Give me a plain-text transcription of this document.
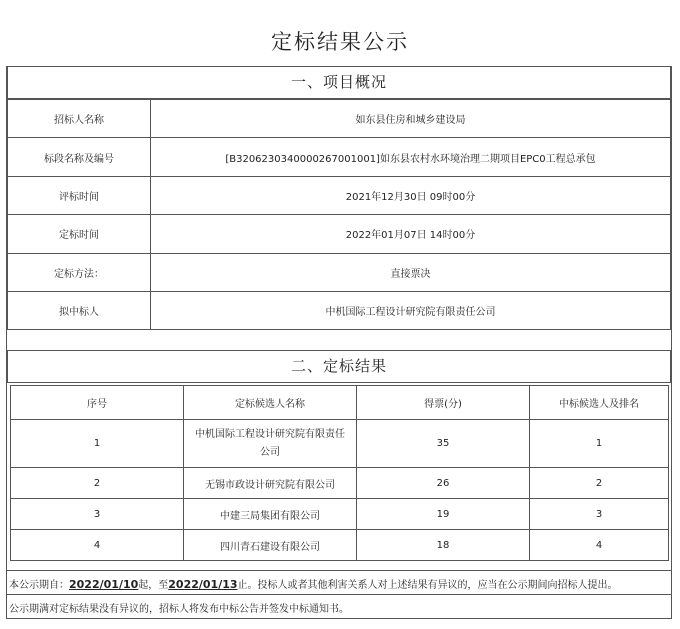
定标结果公示
一、项目概况
招标人名称	如东县住房和城乡建设局
标段名称及编号	[B3206230340000267001001]如东县农村水环境治理二期项目EPC0工程总承包
评标时间	2021年12月30日 09时00分
定标时间	2022年01月07日 14时00分
定标方法：	直接票决
拟中标人	中机国际工程设计研究院有限责任公司
二、定标结果
序号	定标候选人名称	得票(分)	中标候选人及排名
1	中机国际工程设计研究院有限责任公司	35	1
2	无锡市政设计研究院有限公司	26	2
3	中建三局集团有限公司	19	3
4	四川青石建设有限公司	18	4
本公示期自：2022/01/10起，至2022/01/13止。投标人或者其他利害关系人对上述结果有异议的，应当在公示期间向招标人提出。
公示期满对定标结果没有异议的，招标人将发布中标公告并签发中标通知书。
